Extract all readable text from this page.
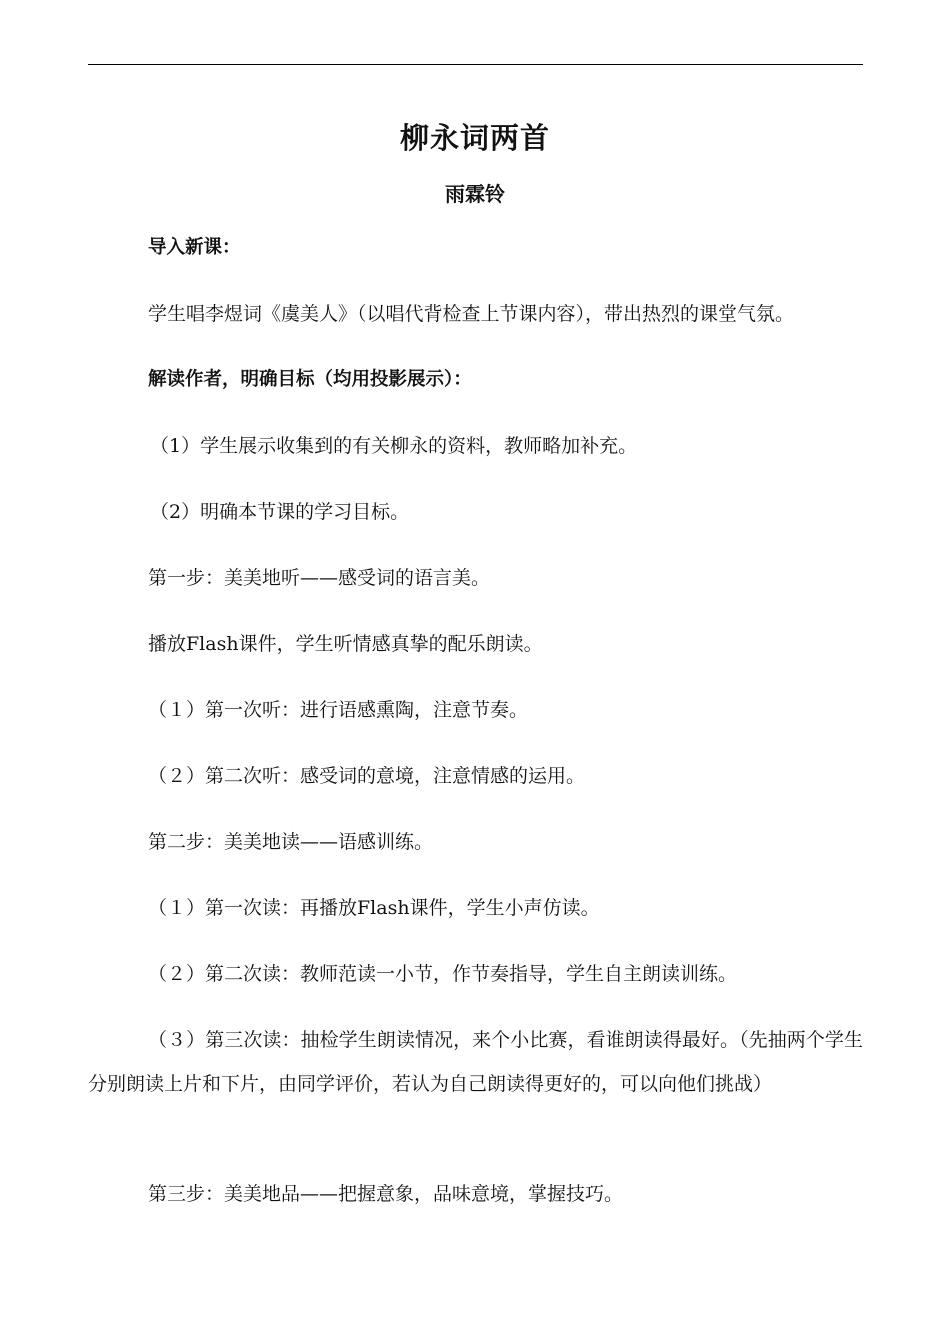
柳永词两首
雨霖铃
导入新课：
学生唱李煜词《虞美人》（以唱代背检查上节课内容），带出热烈的课堂气氛。
解读作者，明确目标（均用投影展示）：
（1）学生展示收集到的有关柳永的资料，教师略加补充。
（2）明确本节课的学习目标。
第一步：美美地听——感受词的语言美。
播放Flash课件，学生听情感真挚的配乐朗读。
（１）第一次听：进行语感熏陶，注意节奏。
（２）第二次听：感受词的意境，注意情感的运用。
第二步：美美地读——语感训练。
（１）第一次读：再播放Flash课件，学生小声仿读。
（２）第二次读：教师范读一小节，作节奏指导，学生自主朗读训练。
（３）第三次读：抽检学生朗读情况，来个小比赛，看谁朗读得最好。（先抽两个学生分别朗读上片和下片，由同学评价，若认为自己朗读得更好的，可以向他们挑战）
第三步：美美地品——把握意象，品味意境，掌握技巧。
